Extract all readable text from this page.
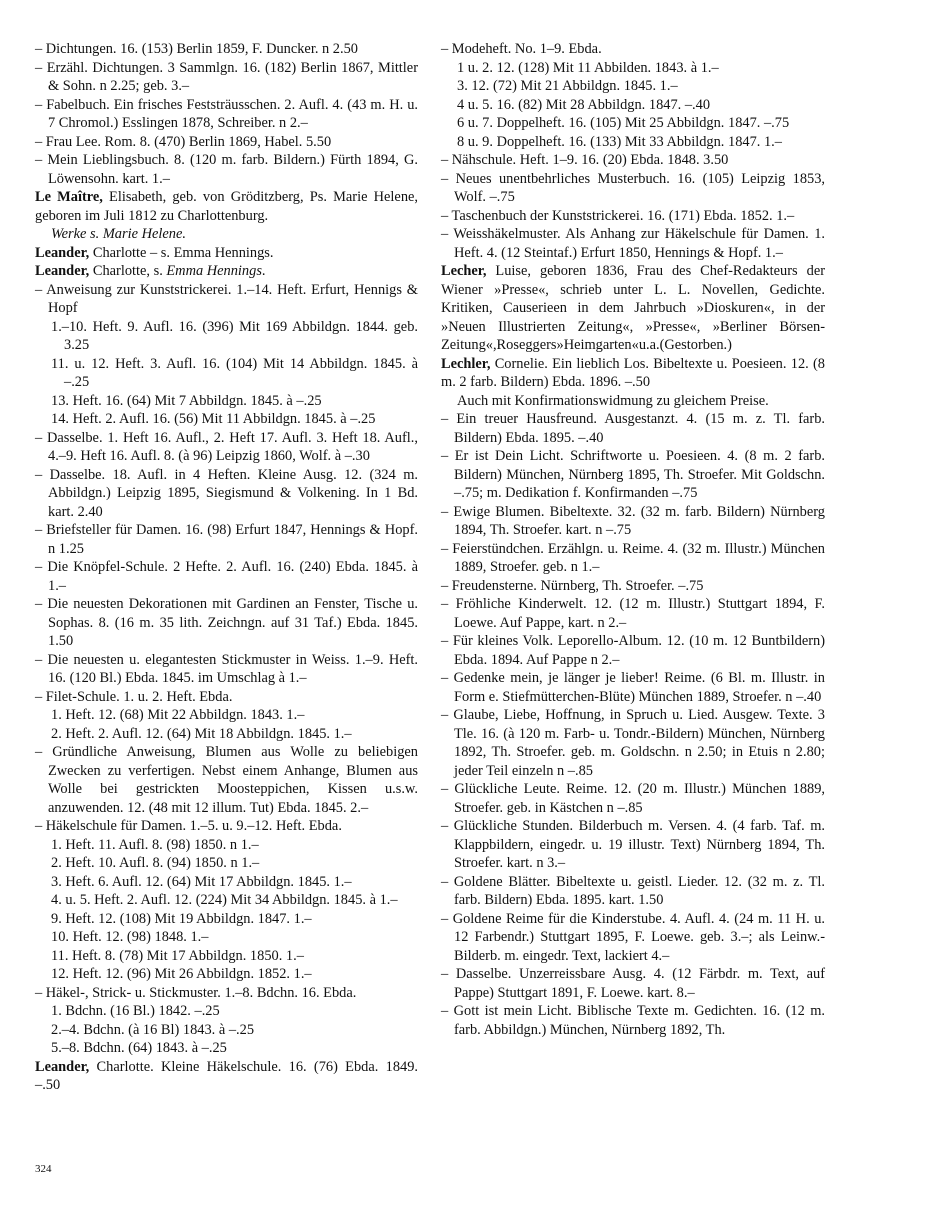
– Dichtungen. 16. (153) Berlin 1859, F. Duncker. n 2.50
– Erzähl. Dichtungen. 3 Sammlgn. 16. (182) Berlin 1867, Mittler & Sohn. n 2.25; geb. 3.–
– Fabelbuch. Ein frisches Feststräusschen. 2. Aufl. 4. (43 m. H. u. 7 Chromol.) Esslingen 1878, Schreiber. n 2.–
– Frau Lee. Rom. 8. (470) Berlin 1869, Habel. 5.50
– Mein Lieblingsbuch. 8. (120 m. farb. Bildern.) Fürth 1894, G. Löwensohn. kart. 1.–
Le Maître, Elisabeth, geb. von Gröditzberg, Ps. Marie Helene, geboren im Juli 1812 zu Charlottenburg.
Werke s. Marie Helene.
Leander, Charlotte – s. Emma Hennings.
Leander, Charlotte, s. Emma Hennings.
– Anweisung zur Kunststrickerei. 1.–14. Heft. Erfurt, Hennigs & Hopf
1.–10. Heft. 9. Aufl. 16. (396) Mit 169 Abbildgn. 1844. geb. 3.25
11. u. 12. Heft. 3. Aufl. 16. (104) Mit 14 Abbildgn. 1845. à –.25
13. Heft. 16. (64) Mit 7 Abbildgn. 1845. à –.25
14. Heft. 2. Aufl. 16. (56) Mit 11 Abbildgn. 1845. à –.25
– Dasselbe. 1. Heft 16. Aufl., 2. Heft 17. Aufl. 3. Heft 18. Aufl., 4.–9. Heft 16. Aufl. 8. (à 96) Leipzig 1860, Wolf. à –.30
– Dasselbe. 18. Aufl. in 4 Heften. Kleine Ausg. 12. (324 m. Abbildgn.) Leipzig 1895, Siegismund & Volkening. In 1 Bd. kart. 2.40
– Briefsteller für Damen. 16. (98) Erfurt 1847, Hennings & Hopf. n 1.25
– Die Knöpfel-Schule. 2 Hefte. 2. Aufl. 16. (240) Ebda. 1845. à 1.–
– Die neuesten Dekorationen mit Gardinen an Fenster, Tische u. Sophas. 8. (16 m. 35 lith. Zeichngn. auf 31 Taf.) Ebda. 1845. 1.50
– Die neuesten u. elegantesten Stickmuster in Weiss. 1.–9. Heft. 16. (120 Bl.) Ebda. 1845. im Umschlag à 1.–
– Filet-Schule. 1. u. 2. Heft. Ebda.
1. Heft. 12. (68) Mit 22 Abbildgn. 1843. 1.–
2. Heft. 2. Aufl. 12. (64) Mit 18 Abbildgn. 1845. 1.–
– Gründliche Anweisung, Blumen aus Wolle zu beliebigen Zwecken zu verfertigen. Nebst einem Anhange, Blumen aus Wolle bei gestrickten Moosteppichen, Kissen u.s.w. anzuwenden. 12. (48 mit 12 illum. Tut) Ebda. 1845. 2.–
– Häkelschule für Damen. 1.–5. u. 9.–12. Heft. Ebda.
1. Heft. 11. Aufl. 8. (98) 1850. n 1.–
2. Heft. 10. Aufl. 8. (94) 1850. n 1.–
3. Heft. 6. Aufl. 12. (64) Mit 17 Abbildgn. 1845. 1.–
4. u. 5. Heft. 2. Aufl. 12. (224) Mit 34 Abbildgn. 1845. à 1.–
9. Heft. 12. (108) Mit 19 Abbildgn. 1847. 1.–
10. Heft. 12. (98) 1848. 1.–
11. Heft. 8. (78) Mit 17 Abbildgn. 1850. 1.–
12. Heft. 12. (96) Mit 26 Abbildgn. 1852. 1.–
– Häkel-, Strick- u. Stickmuster. 1.–8. Bdchn. 16. Ebda.
1. Bdchn. (16 Bl.) 1842. –.25
2.–4. Bdchn. (à 16 Bl) 1843. à –.25
5.–8. Bdchn. (64) 1843. à –.25
Leander, Charlotte. Kleine Häkelschule. 16. (76) Ebda. 1849. –.50
– Modeheft. No. 1–9. Ebda.
1 u. 2. 12. (128) Mit 11 Abbilden. 1843. à 1.–
3. 12. (72) Mit 21 Abbildgn. 1845. 1.–
4 u. 5. 16. (82) Mit 28 Abbildgn. 1847. –.40
6 u. 7. Doppelheft. 16. (105) Mit 25 Abbildgn. 1847. –.75
8 u. 9. Doppelheft. 16. (133) Mit 33 Abbildgn. 1847. 1.–
– Nähschule. Heft. 1–9. 16. (20) Ebda. 1848. 3.50
– Neues unentbehrliches Musterbuch. 16. (105) Leipzig 1853, Wolf. –.75
– Taschenbuch der Kunststrickerei. 16. (171) Ebda. 1852. 1.–
– Weisshäkelmuster. Als Anhang zur Häkelschule für Damen. 1. Heft. 4. (12 Steintaf.) Erfurt 1850, Hennings & Hopf. 1.–
Lecher, Luise, geboren 1836, Frau des Chef-Redakteurs der Wiener »Presse«, schrieb unter L. L. Novellen, Gedichte. Kritiken, Causerieen in dem Jahrbuch »Dioskuren«, in der »Neuen Illustrierten Zeitung«, »Presse«, »Berliner Börsen-Zeitung«,Roseggers»Heimgarten«u.a.(Gestorben.)
Lechler, Cornelie. Ein lieblich Los. Bibeltexte u. Poesieen. 12. (8 m. 2 farb. Bildern) Ebda. 1896. –.50
Auch mit Konfirmationswidmung zu gleichem Preise.
– Ein treuer Hausfreund. Ausgestanzt. 4. (15 m. z. Tl. farb. Bildern) Ebda. 1895. –.40
– Er ist Dein Licht. Schriftworte u. Poesieen. 4. (8 m. 2 farb. Bildern) München, Nürnberg 1895, Th. Stroefer. Mit Goldschn. –.75; m. Dedikation f. Konfirmanden –.75
– Ewige Blumen. Bibeltexte. 32. (32 m. farb. Bildern) Nürnberg 1894, Th. Stroefer. kart. n –.75
– Feierstündchen. Erzählgn. u. Reime. 4. (32 m. Illustr.) München 1889, Stroefer. geb. n 1.–
– Freudensterne. Nürnberg, Th. Stroefer. –.75
– Fröhliche Kinderwelt. 12. (12 m. Illustr.) Stuttgart 1894, F. Loewe. Auf Pappe, kart. n 2.–
– Für kleines Volk. Leporello-Album. 12. (10 m. 12 Buntbildern) Ebda. 1894. Auf Pappe n 2.–
– Gedenke mein, je länger je lieber! Reime. (6 Bl. m. Illustr. in Form e. Stiefmütterchen-Blüte) München 1889, Stroefer. n –.40
– Glaube, Liebe, Hoffnung, in Spruch u. Lied. Ausgew. Texte. 3 Tle. 16. (à 120 m. Farb- u. Tondr.-Bildern) München, Nürnberg 1892, Th. Stroefer. geb. m. Goldschn. n 2.50; in Etuis n 2.80; jeder Teil einzeln n –.85
– Glückliche Leute. Reime. 12. (20 m. Illustr.) München 1889, Stroefer. geb. in Kästchen n –.85
– Glückliche Stunden. Bilderbuch m. Versen. 4. (4 farb. Taf. m. Klappbildern, eingedr. u. 19 illustr. Text) Nürnberg 1894, Th. Stroefer. kart. n 3.–
– Goldene Blätter. Bibeltexte u. geistl. Lieder. 12. (32 m. z. Tl. farb. Bildern) Ebda. 1895. kart. 1.50
– Goldene Reime für die Kinderstube. 4. Aufl. 4. (24 m. 11 H. u. 12 Farbendr.) Stuttgart 1895, F. Loewe. geb. 3.–; als Leinw.-Bilderb. m. eingedr. Text, lackiert 4.–
– Dasselbe. Unzerreissbare Ausg. 4. (12 Färbdr. m. Text, auf Pappe) Stuttgart 1891, F. Loewe. kart. 8.–
– Gott ist mein Licht. Biblische Texte m. Gedichten. 16. (12 m. farb. Abbildgn.) München, Nürnberg 1892, Th.
324
